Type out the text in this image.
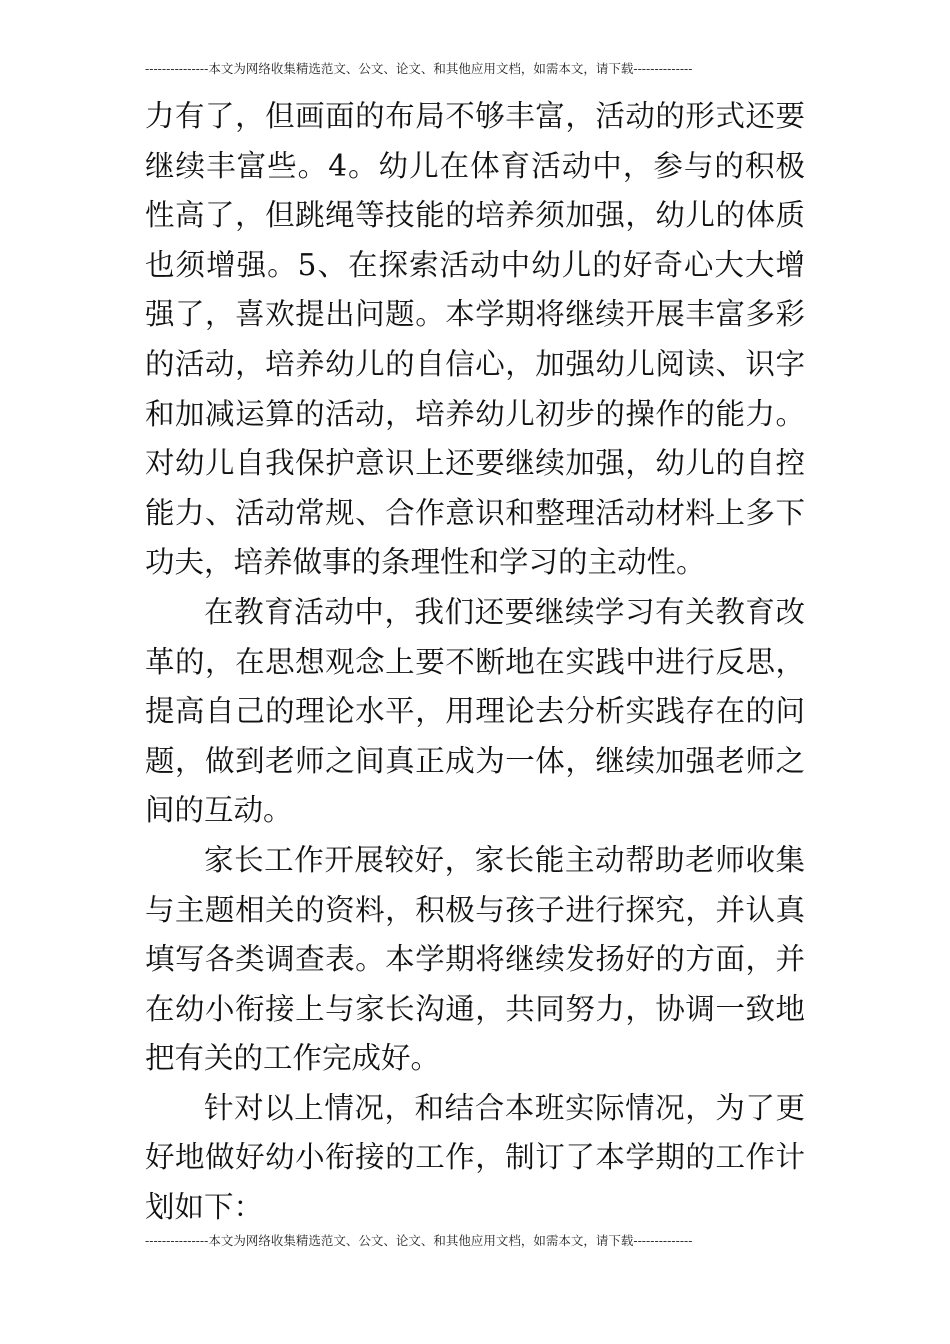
---------------本文为网络收集精选范文、公文、论文、和其他应用文档，如需本文，请下载--------------

力有了，但画面的布局不够丰富，活动的形式还要继续丰富些。4。幼儿在体育活动中，参与的积极性高了，但跳绳等技能的培养须加强，幼儿的体质也须增强。5、在探索活动中幼儿的好奇心大大增强了，喜欢提出问题。本学期将继续开展丰富多彩的活动，培养幼儿的自信心，加强幼儿阅读、识字和加减运算的活动，培养幼儿初步的操作的能力。对幼儿自我保护意识上还要继续加强，幼儿的自控能力、活动常规、合作意识和整理活动材料上多下功夫，培养做事的条理性和学习的主动性。

在教育活动中，我们还要继续学习有关教育改革的，在思想观念上要不断地在实践中进行反思，提高自己的理论水平，用理论去分析实践存在的问题，做到老师之间真正成为一体，继续加强老师之间的互动。

家长工作开展较好，家长能主动帮助老师收集与主题相关的资料，积极与孩子进行探究，并认真填写各类调查表。本学期将继续发扬好的方面，并在幼小衔接上与家长沟通，共同努力，协调一致地把有关的工作完成好。

针对以上情况，和结合本班实际情况，为了更好地做好幼小衔接的工作，制订了本学期的工作计划如下：

---------------本文为网络收集精选范文、公文、论文、和其他应用文档，如需本文，请下载--------------
